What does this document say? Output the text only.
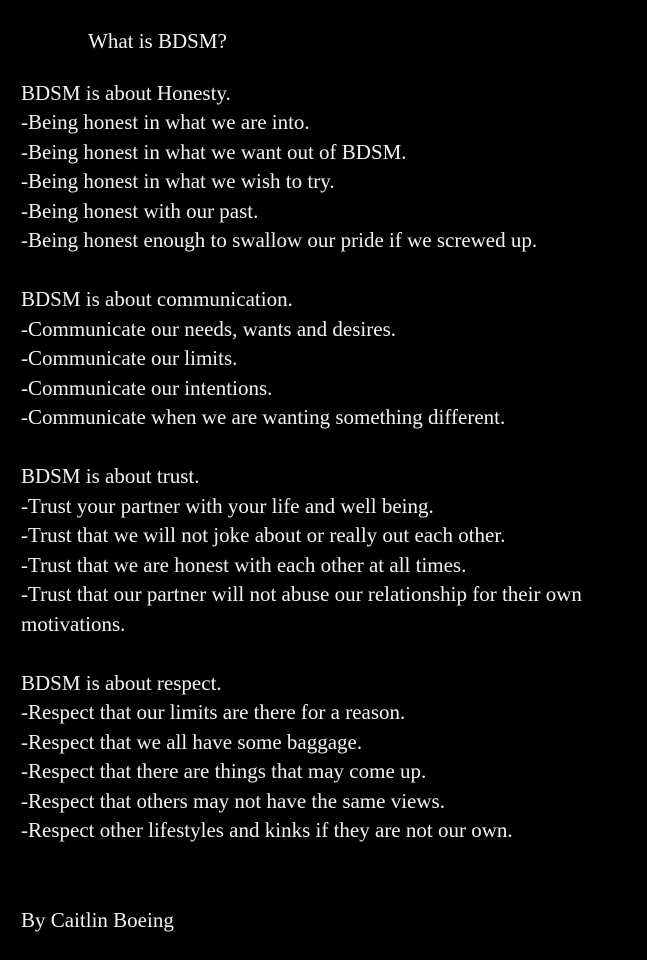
What is BDSM?

BDSM is about Honesty.

-Being honest in what we are into.
-Being honest in what we want out of BDSM.
-Being honest in what we wish to try.
-Being honest with our past.
-Being honest enough to swallow our pride if we screwed up.

BDSM is about communication.

-Communicate our needs, wants and desires.
-Communicate our limits.
-Communicate our intentions.
-Communicate when we are wanting something different.

BDSM is about trust.

-Trust your partner with your life and well being.
-Trust that we will not joke about or really out each other.
-Trust that we are honest with each other at all times.
-Trust that our partner will not abuse our relationship for their own motivations.

BDSM is about respect.

-Respect that our limits are there for a reason.
-Respect that we all have some baggage.
-Respect that there are things that may come up.
-Respect that others may not have the same views.
-Respect other lifestyles and kinks if they are not our own.

By Caitlin Boeing
